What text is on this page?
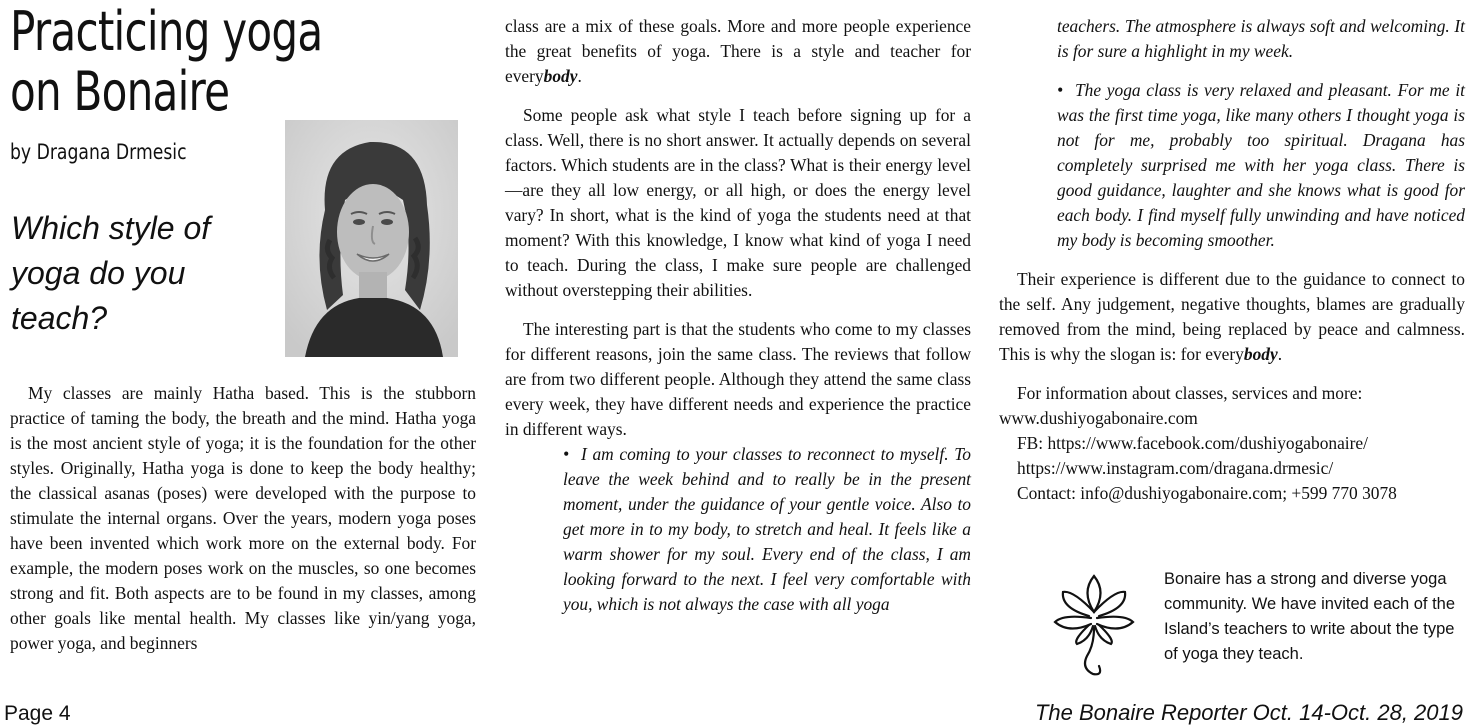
Practicing yoga
on Bonaire
by Dragana Drmesic
Which style of yoga do you teach?

My classes are mainly Hatha based. This is the stubborn practice of taming the body, the breath and the mind. Hatha yoga is the most ancient style of yoga; it is the foundation for the other styles. Originally, Hatha yoga is done to keep the body healthy; the classical asanas (poses) were developed with the purpose to stimulate the internal organs. Over the years, modern yoga poses have been invented which work more on the external body. For example, the modern poses work on the muscles, so one becomes strong and fit. Both aspects are to be found in my classes, among other goals like mental health. My classes like yin/yang yoga, power yoga, and beginners

class are a mix of these goals. More and more people experience the great benefits of yoga. There is a style and teacher for everybody.

Some people ask what style I teach before signing up for a class. Well, there is no short answer. It actually depends on several factors. Which students are in the class? What is their energy level—are they all low energy, or all high, or does the energy level vary? In short, what is the kind of yoga the students need at that moment? With this knowledge, I know what kind of yoga I need to teach. During the class, I make sure people are challenged without overstepping their abilities.

The interesting part is that the students who come to my classes for different reasons, join the same class. The reviews that follow are from two different people. Although they attend the same class every week, they have different needs and experience the practice in different ways.

• I am coming to your classes to reconnect to myself. To leave the week behind and to really be in the present moment, under the guidance of your gentle voice. Also to get more in to my body, to stretch and heal. It feels like a warm shower for my soul. Every end of the class, I am looking forward to the next. I feel very comfortable with you, which is not always the case with all yoga

teachers. The atmosphere is always soft and welcoming. It is for sure a highlight in my week.

• The yoga class is very relaxed and pleasant. For me it was the first time yoga, like many others I thought yoga is not for me, probably too spiritual. Dragana has completely surprised me with her yoga class. There is good guidance, laughter and she knows what is good for each body. I find myself fully unwinding and have noticed my body is becoming smoother.

Their experience is different due to the guidance to connect to the self. Any judgement, negative thoughts, blames are gradually removed from the mind, being replaced by peace and calmness. This is why the slogan is: for everybody.

For information about classes, services and more:
www.dushiyogabonaire.com
FB: https://www.facebook.com/dushiyogabonaire/
https://www.instagram.com/dragana.drmesic/
Contact: info@dushiyogabonaire.com; +599 770 3078

Bonaire has a strong and diverse yoga community. We have invited each of the Island’s teachers to write about the type of yoga they teach.
Page 4	The Bonaire Reporter Oct. 14-Oct. 28, 2019
